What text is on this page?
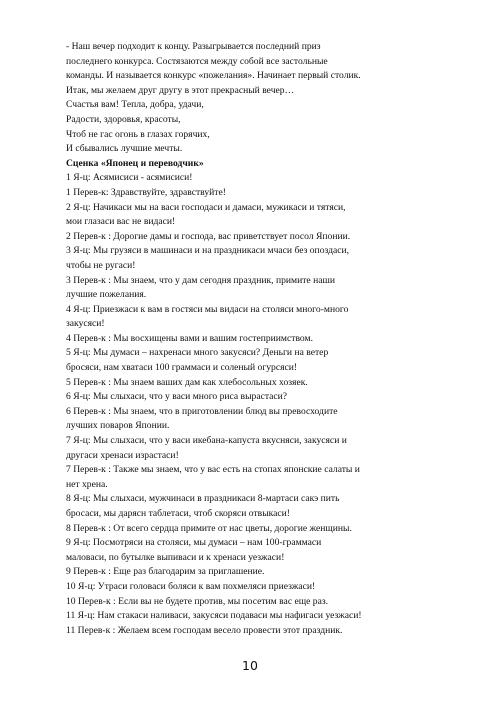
- Наш вечер подходит к концу. Разыгрывается последний приз
последнего конкурса. Состязаются между собой все застольные
команды. И называется конкурс «пожелания». Начинает первый столик.
Итак, мы желаем друг другу в этот прекрасный вечер…
Счастья вам! Тепла, добра, удачи,
Радости, здоровья, красоты,
Чтоб не гас огонь в глазах горячих,
И сбывались лучшие мечты.
Сценка «Японец и переводчик»
1 Я-ц: Асямисиси - асямисиси!
1 Перев-к: Здравствуйте, здравствуйте!
2 Я-ц: Начикаси мы на васи господаси и дамаси, мужикаси и тятяси,
мои глазаси вас не видаси!
2 Перев-к : Дорогие дамы и господа, вас приветствует посол Японии.
3 Я-ц: Мы грузяси в машинаси и на праздникаси мчаси без опоздаси,
чтобы не ругаси!
3 Перев-к : Мы знаем, что у дам сегодня праздник, примите наши
лучшие пожелания.
4 Я-ц: Приезжаси к вам в гостяси мы видаси на столяси много-много
закусяси!
4 Перев-к : Мы восхищены вами и вашим гостеприимством.
5 Я-ц: Мы думаси – нахренаси много закусяси? Деньги на ветер
бросяси, нам хватаси 100 граммаси и соленый огурсяси!
5 Перев-к : Мы знаем ваших дам как хлебосольных хозяек.
6 Я-ц: Мы слыхаси, что у васи много риса вырастаси?
6 Перев-к : Мы знаем, что в приготовлении блюд вы превосходите
лучших поваров Японии.
7 Я-ц: Мы слыхаси, что у васи икебана-капуста вкусняси, закусяси и
другаси хренаси израстаси!
7 Перев-к : Также мы знаем, что у вас есть на стопах японские салаты и
нет хрена.
8 Я-ц: Мы слыхаси, мужчинаси в праздникаси 8-мартаси сакэ пить
бросаси, мы дарясн таблетаси, чтоб скоряси отвыкаси!
8 Перев-к : От всего сердца примите от нас цветы, дорогие женщины.
9 Я-ц: Посмотряси на столяси, мы думаси – нам 100-граммаси
маловаси, по бутылке выпиваси и к хренаси уезжаси!
9 Перев-к : Еще раз благодарим за приглашение.
10 Я-ц: Утраси головаси боляси к вам похмеляси приезжаси!
10 Перев-к : Если вы не будете против, мы посетим вас еще раз.
11 Я-ц: Нам стакаси наливаси, закусяси подаваси мы нафигаси уезжаси!
11 Перев-к : Желаем всем господам весело провести этот праздник.
10
